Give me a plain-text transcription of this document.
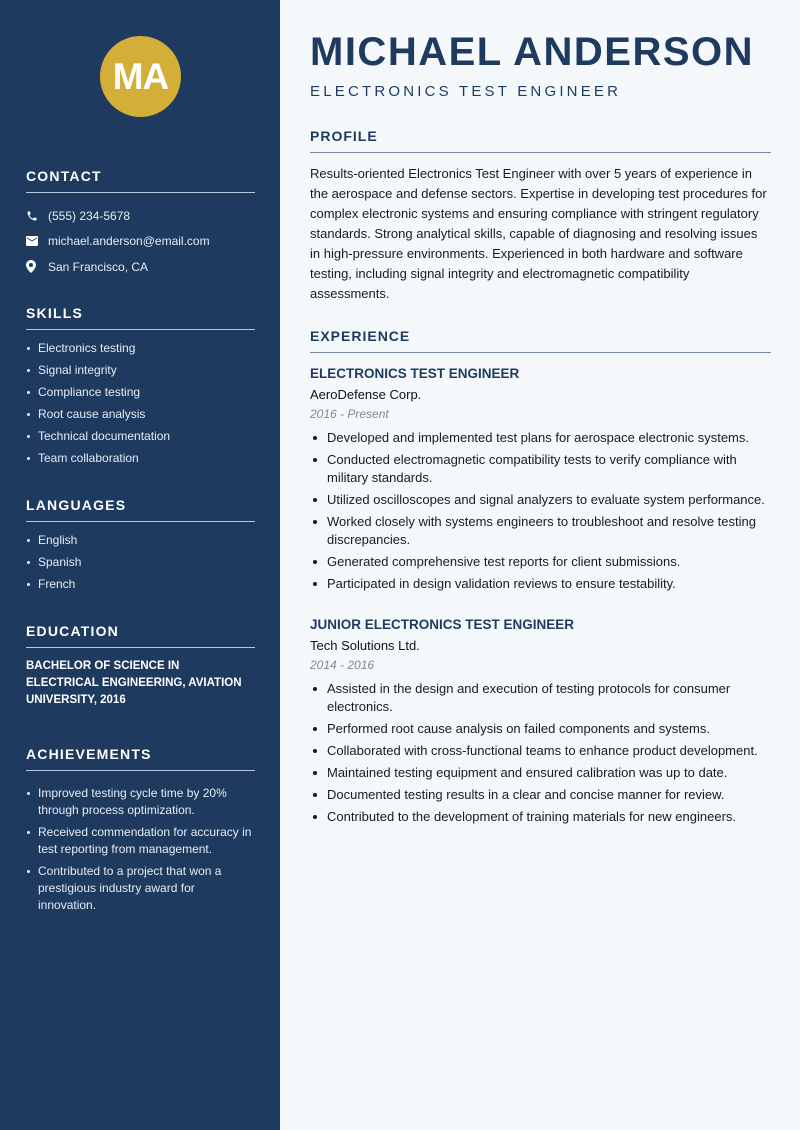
MA
CONTACT
(555) 234-5678
michael.anderson@email.com
San Francisco, CA
SKILLS
Electronics testing
Signal integrity
Compliance testing
Root cause analysis
Technical documentation
Team collaboration
LANGUAGES
English
Spanish
French
EDUCATION
BACHELOR OF SCIENCE IN ELECTRICAL ENGINEERING, AVIATION UNIVERSITY, 2016
ACHIEVEMENTS
Improved testing cycle time by 20% through process optimization.
Received commendation for accuracy in test reporting from management.
Contributed to a project that won a prestigious industry award for innovation.
MICHAEL ANDERSON
ELECTRONICS TEST ENGINEER
PROFILE
Results-oriented Electronics Test Engineer with over 5 years of experience in the aerospace and defense sectors. Expertise in developing test procedures for complex electronic systems and ensuring compliance with stringent regulatory standards. Strong analytical skills, capable of diagnosing and resolving issues in high-pressure environments. Experienced in both hardware and software testing, including signal integrity and electromagnetic compatibility assessments.
EXPERIENCE
ELECTRONICS TEST ENGINEER
AeroDefense Corp.
2016 - Present
Developed and implemented test plans for aerospace electronic systems.
Conducted electromagnetic compatibility tests to verify compliance with military standards.
Utilized oscilloscopes and signal analyzers to evaluate system performance.
Worked closely with systems engineers to troubleshoot and resolve testing discrepancies.
Generated comprehensive test reports for client submissions.
Participated in design validation reviews to ensure testability.
JUNIOR ELECTRONICS TEST ENGINEER
Tech Solutions Ltd.
2014 - 2016
Assisted in the design and execution of testing protocols for consumer electronics.
Performed root cause analysis on failed components and systems.
Collaborated with cross-functional teams to enhance product development.
Maintained testing equipment and ensured calibration was up to date.
Documented testing results in a clear and concise manner for review.
Contributed to the development of training materials for new engineers.
